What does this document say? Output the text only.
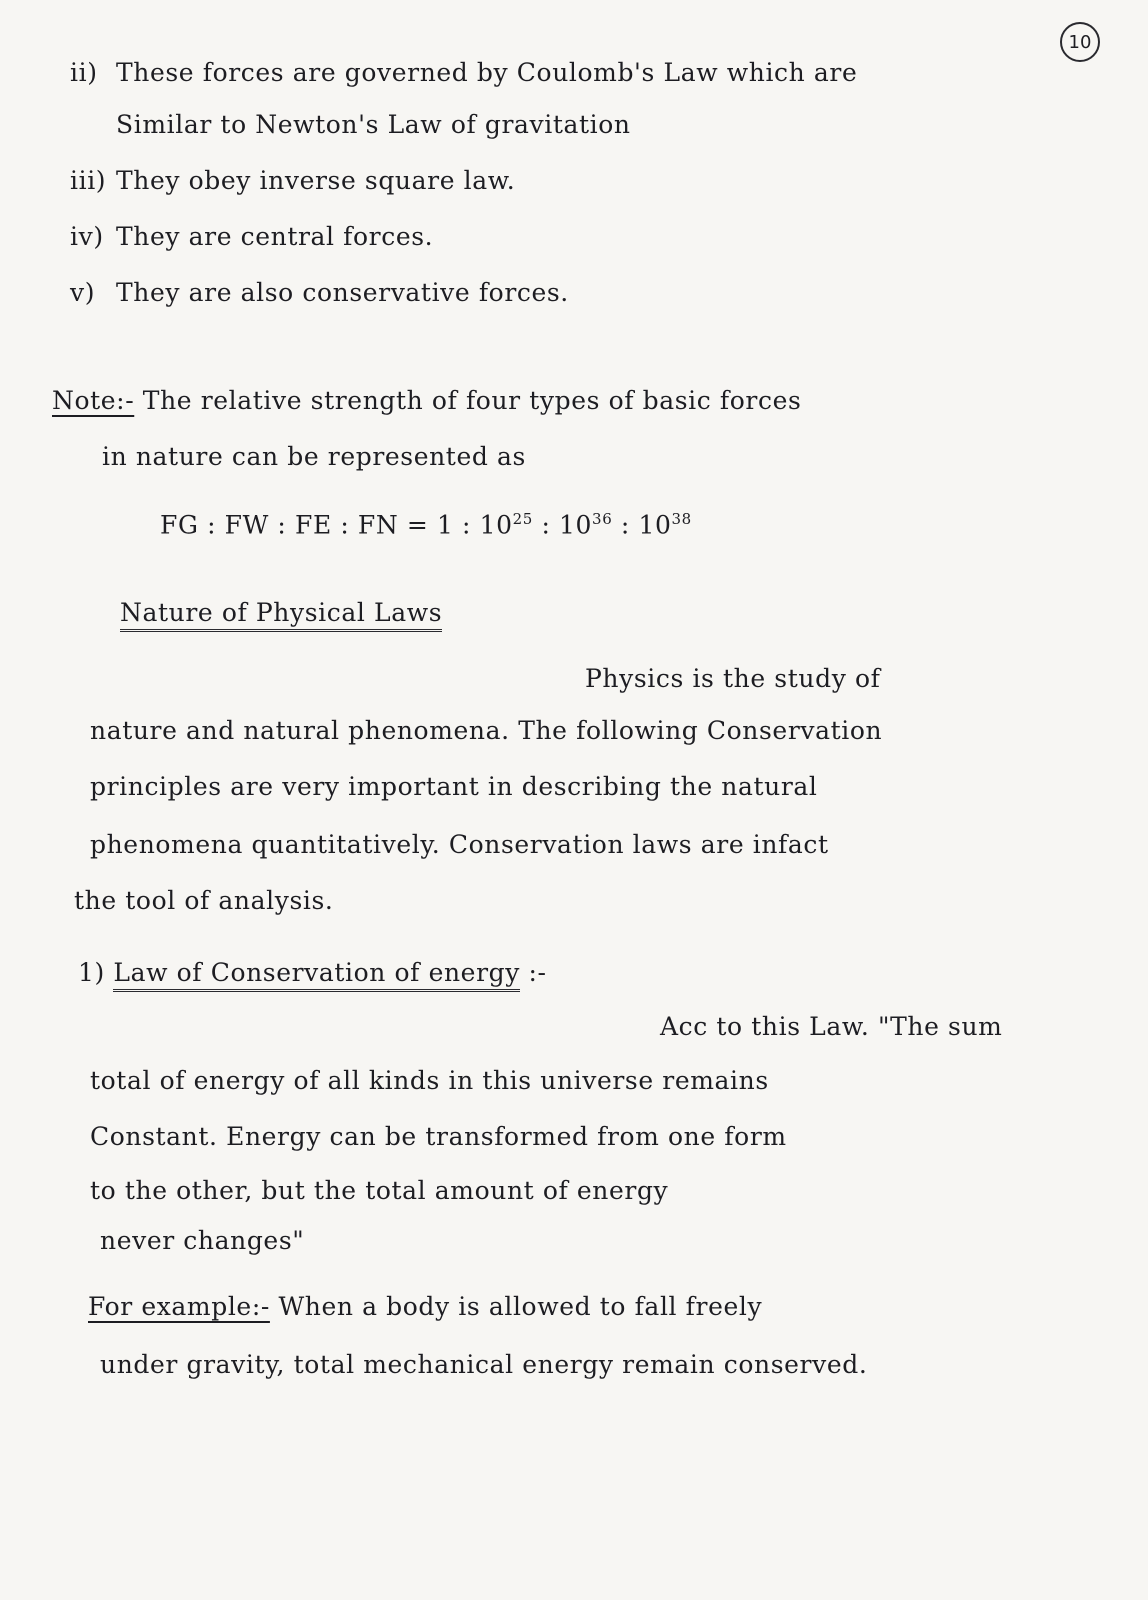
10
ii) These forces are governed by Coulomb's Law which are
Similar to Newton's Law of gravitation
iii) They obey inverse square law.
iv) They are central forces.
v) They are also conservative forces.
Note:- The relative strength of four types of basic forces
in nature can be represented as
FG : FW : FE : FN = 1 : $10^{25}$ : $10^{36}$ : $10^{38}$
Nature of Physical Laws
Physics is the study of
nature and natural phenomena. The following Conservation
principles are very important in describing the natural
phenomena quantitatively. Conservation laws are infact
the tool of analysis.
1) Law of Conservation of energy :-
Acc to this Law. "The sum
total of energy of all kinds in this universe remains
Constant. Energy can be transformed from one form
to the other, but the total amount of energy
never changes"
For example:- When a body is allowed to fall freely
under gravity, total mechanical energy remain conserved.
